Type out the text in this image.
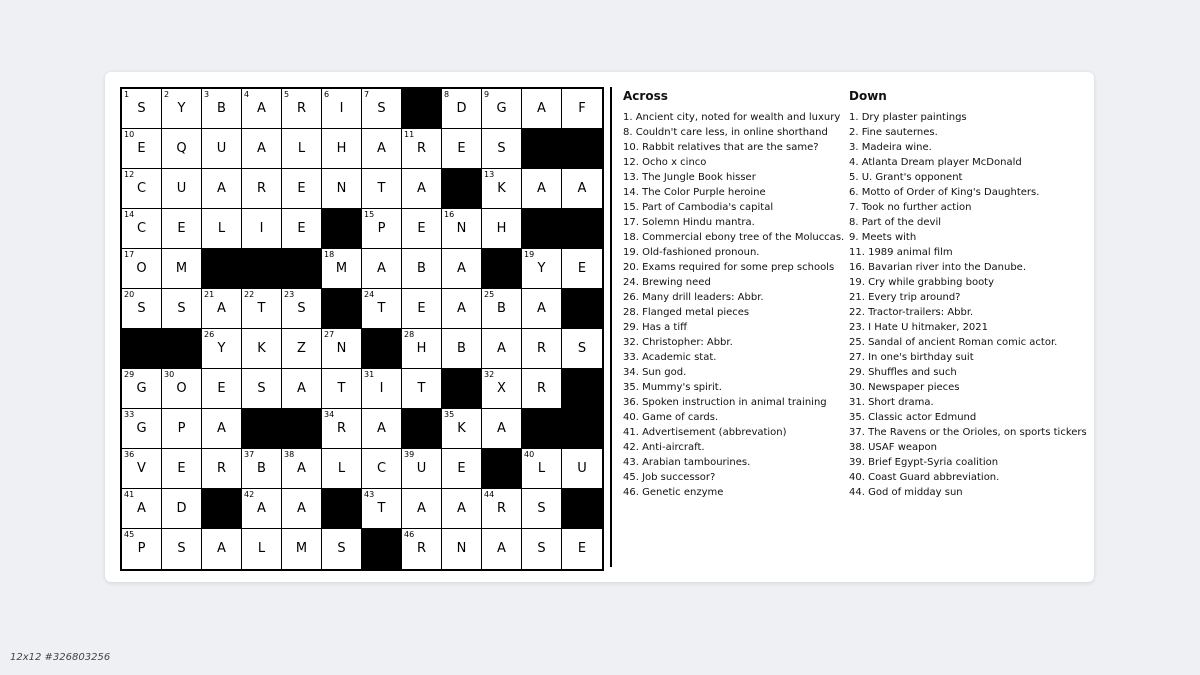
1
S
2
Y
3
B
4
A
5
R
6
I
7
S
8
D
9
G	A	F
10
E	Q	U	A	L	H	A
11
R	E	S
12
C	U	A	R	E	N	T	A
13
K	A	A
14
C	E	L	I	E
15
P	E
16
N	H
17
O	M
18
M	A	B	A
19
Y	E
20
S	S
21
A
22
T
23
S
24
T	E	A
25
B	A
26
Y	K	Z
27
N
28
H	B	A	R	S
29
G
30
O	E	S	A	T
31
I	T
32
X	R
33
G	P	A
34
R	A
35
K	A
36
V	E	R
37
B
38
A	L	C
39
U	E
40
L	U
41
A	D
42
A	A
43
T	A	A
44
R	S
45
P	S	A	L	M	S
46
R	N	A	S	E
Across
1. Ancient city, noted for wealth and luxury
8. Couldn't care less, in online shorthand
10. Rabbit relatives that are the same?
12. Ocho x cinco
13. The Jungle Book hisser
14. The Color Purple heroine
15. Part of Cambodia's capital
17. Solemn Hindu mantra.
18. Commercial ebony tree of the Moluccas.
19. Old-fashioned pronoun.
20. Exams required for some prep schools
24. Brewing need
26. Many drill leaders: Abbr.
28. Flanged metal pieces
29. Has a tiff
32. Christopher: Abbr.
33. Academic stat.
34. Sun god.
35. Mummy's spirit.
36. Spoken instruction in animal training
40. Game of cards.
41. Advertisement (abbrevation)
42. Anti-aircraft.
43. Arabian tambourines.
45. Job successor?
46. Genetic enzyme
Down
1. Dry plaster paintings
2. Fine sauternes.
3. Madeira wine.
4. Atlanta Dream player McDonald
5. U. Grant's opponent
6. Motto of Order of King's Daughters.
7. Took no further action
8. Part of the devil
9. Meets with
11. 1989 animal film
16. Bavarian river into the Danube.
19. Cry while grabbing booty
21. Every trip around?
22. Tractor-trailers: Abbr.
23. I Hate U hitmaker, 2021
25. Sandal of ancient Roman comic actor.
27. In one's birthday suit
29. Shuffles and such
30. Newspaper pieces
31. Short drama.
35. Classic actor Edmund
37. The Ravens or the Orioles, on sports tickers
38. USAF weapon
39. Brief Egypt-Syria coalition
40. Coast Guard abbreviation.
44. God of midday sun
12x12 #326803256
